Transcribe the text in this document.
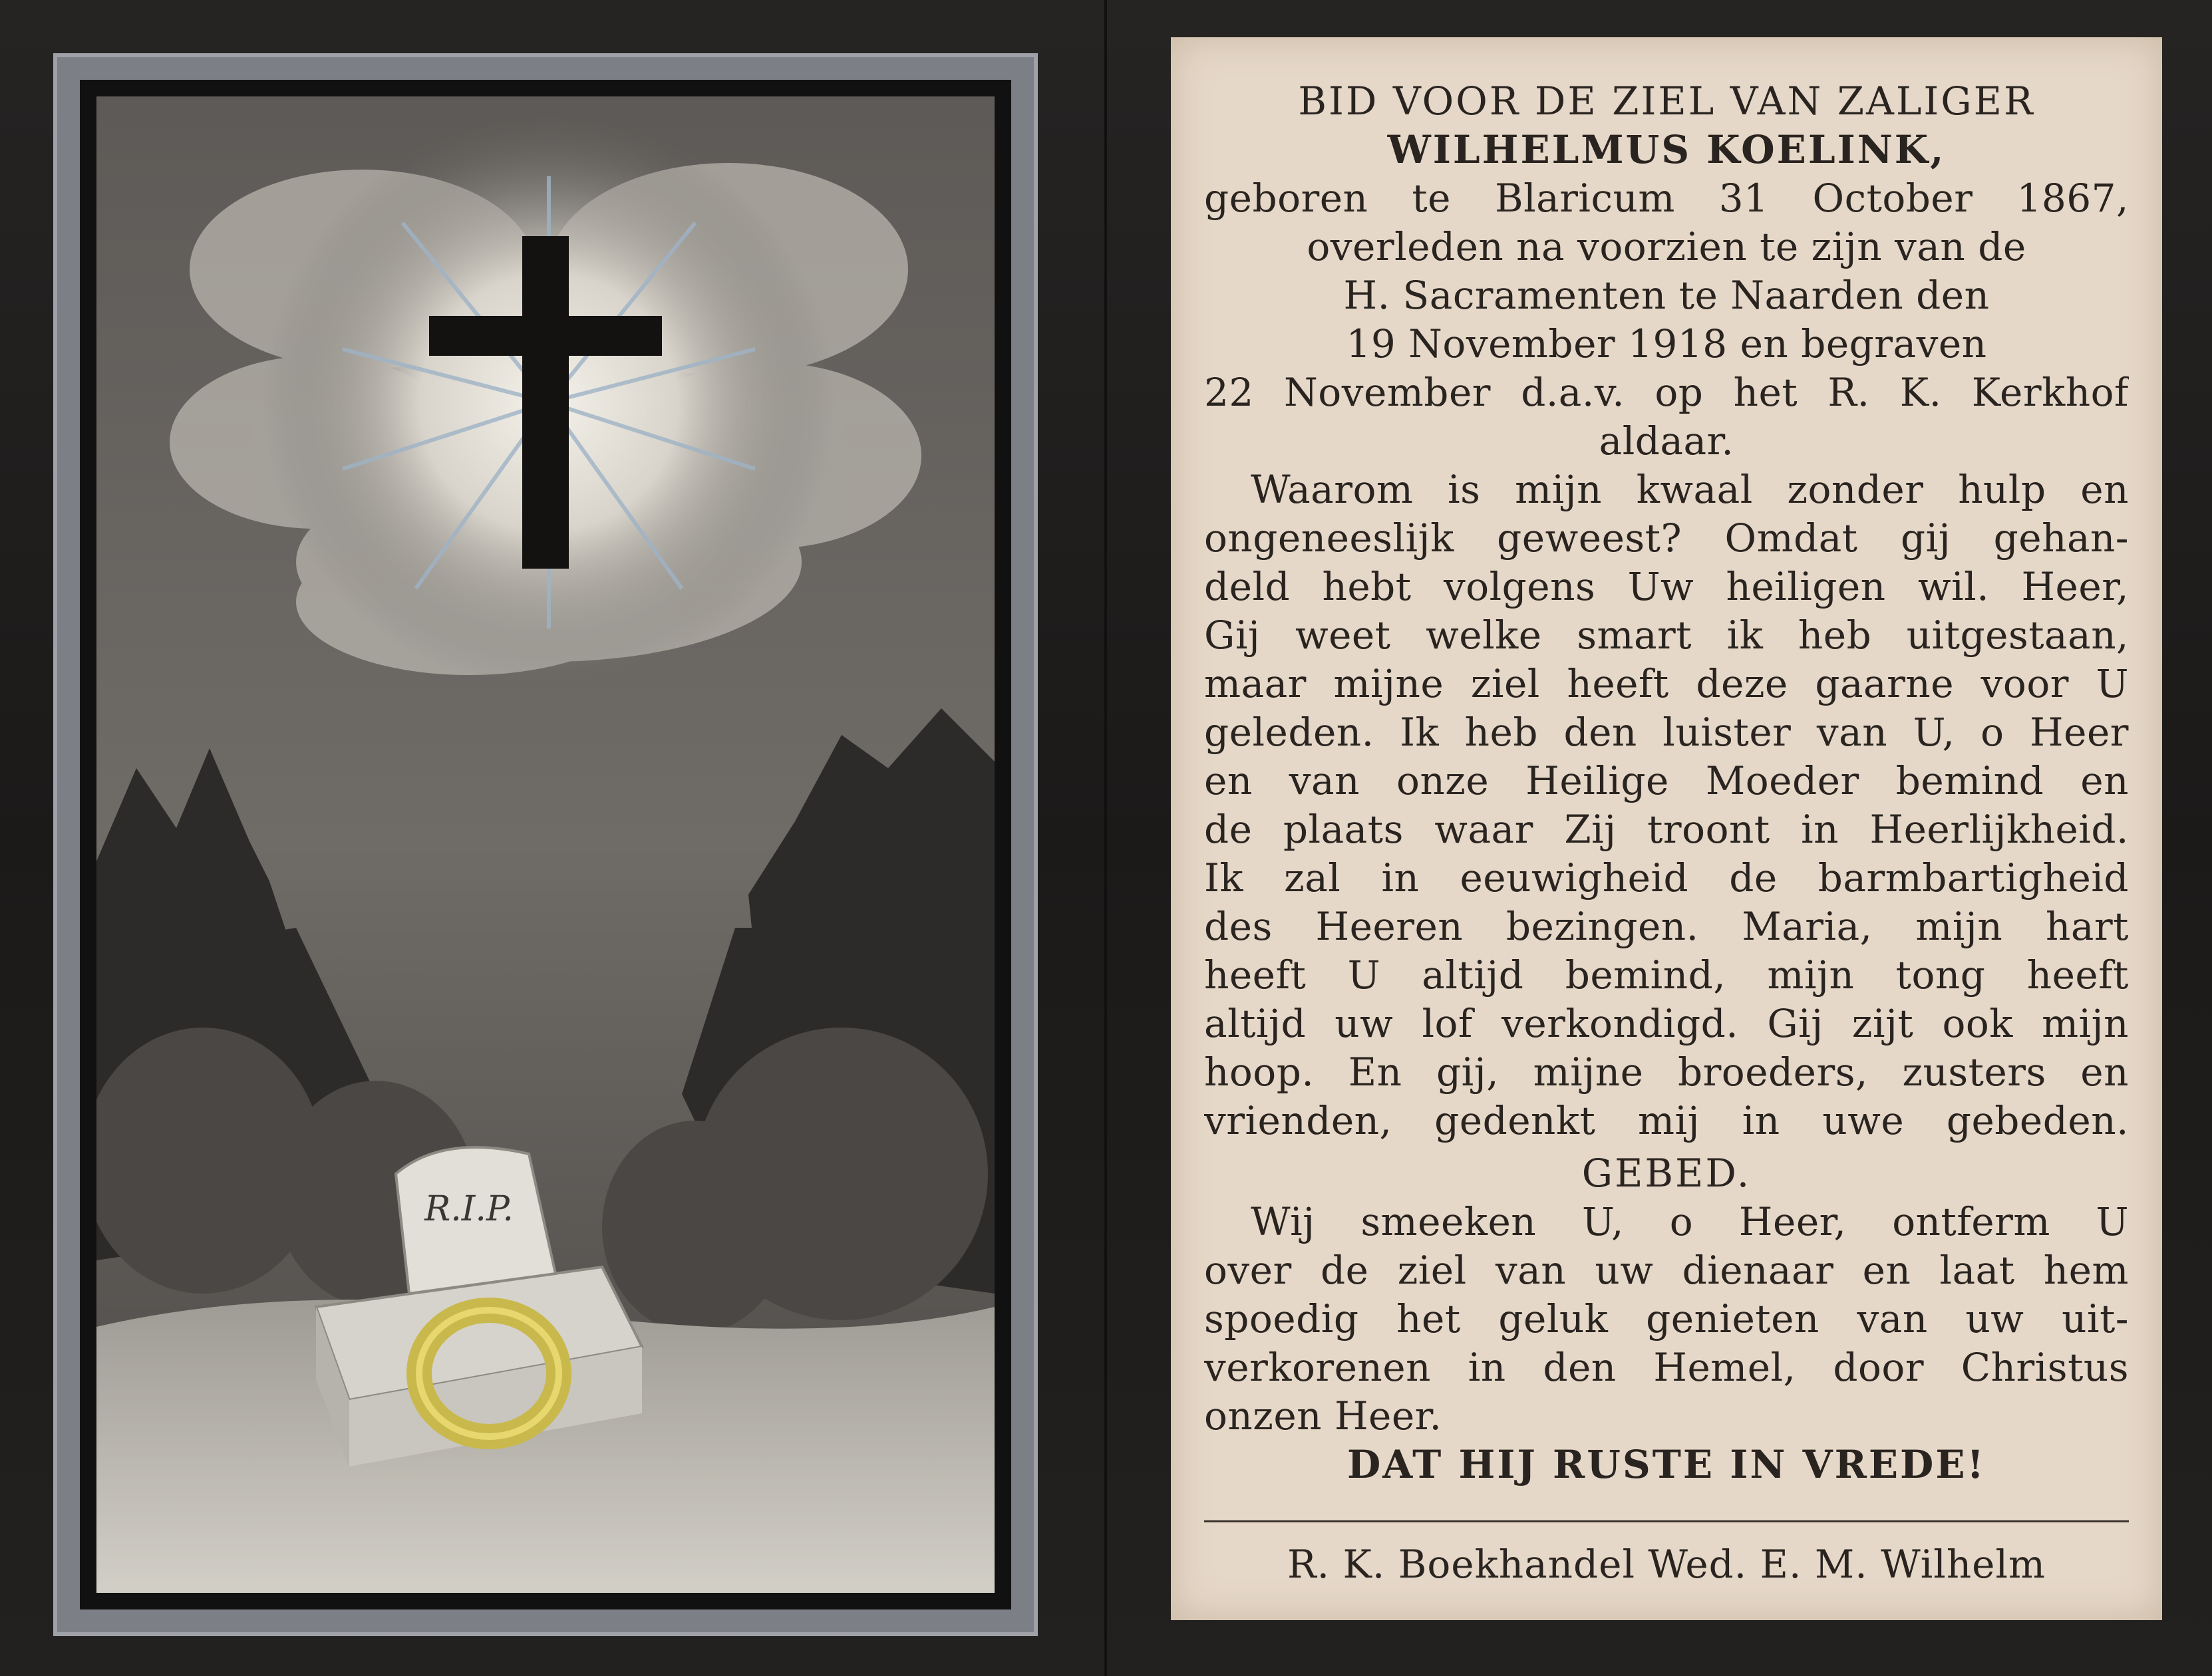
R.I.P.
BID VOOR DE ZIEL VAN ZALIGER
WILHELMUS KOELINK,
geboren te Blaricum 31 October 1867,
overleden na voorzien te zijn van de
H. Sacramenten te Naarden den
19 November 1918 en begraven
22 November d.a.v. op het R. K. Kerkhof
aldaar.
Waarom is mijn kwaal zonder hulp en
ongeneeslijk geweest? Omdat gij gehan-
deld hebt volgens Uw heiligen wil. Heer,
Gij weet welke smart ik heb uitgestaan,
maar mijne ziel heeft deze gaarne voor U
geleden. Ik heb den luister van U, o Heer
en van onze Heilige Moeder bemind en
de plaats waar Zij troont in Heerlijkheid.
Ik zal in eeuwigheid de barmbartigheid
des Heeren bezingen. Maria, mijn hart
heeft U altijd bemind, mijn tong heeft
altijd uw lof verkondigd. Gij zijt ook mijn
hoop. En gij, mijne broeders, zusters en
vrienden, gedenkt mij in uwe gebeden.
GEBED.
Wij smeeken U, o Heer, ontferm U
over de ziel van uw dienaar en laat hem
spoedig het geluk genieten van uw uit-
verkorenen in den Hemel, door Christus
onzen Heer.
DAT HIJ RUSTE IN VREDE!
R. K. Boekhandel Wed. E. M. Wilhelm
